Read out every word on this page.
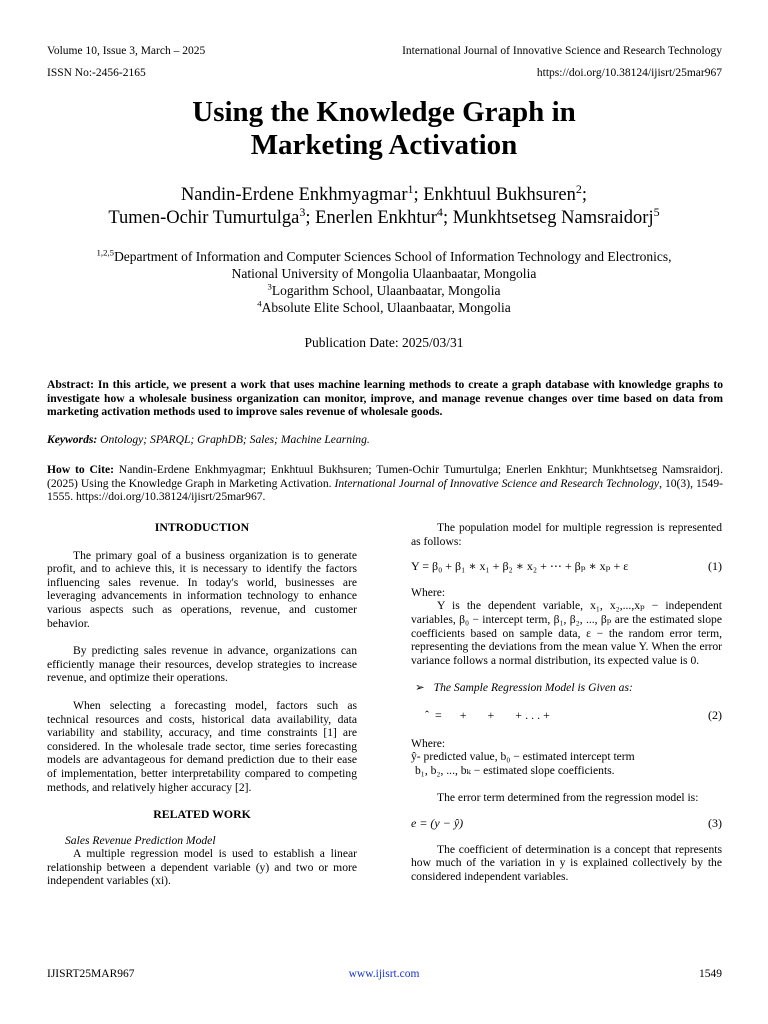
Volume 10, Issue 3, March – 2025
ISSN No:-2456-2165
International Journal of Innovative Science and Research Technology
https://doi.org/10.38124/ijisrt/25mar967
Using the Knowledge Graph in
Marketing Activation
Nandin-Erdene Enkhmyagmar$^1$; Enkhtuul Bukhsuren$^2$;
Tumen-Ochir Tumurtulga$^3$; Enerlen Enkhtur$^4$; Munkhtsetseg Namsraidorj$^5$
$^{1,2,5}$Department of Information and Computer Sciences School of Information Technology and Electronics,
National University of Mongolia Ulaanbaatar, Mongolia
$^3$Logarithm School, Ulaanbaatar, Mongolia
$^4$Absolute Elite School, Ulaanbaatar, Mongolia
Publication Date: 2025/03/31
Abstract: In this article, we present a work that uses machine learning methods to create a graph database with knowledge graphs to investigate how a wholesale business organization can monitor, improve, and manage revenue changes over time based on data from marketing activation methods used to improve sales revenue of wholesale goods.
Keywords: Ontology; SPARQL; GraphDB; Sales; Machine Learning.
How to Cite: Nandin-Erdene Enkhmyagmar; Enkhtuul Bukhsuren; Tumen-Ochir Tumurtulga; Enerlen Enkhtur; Munkhtsetseg Namsraidorj. (2025) Using the Knowledge Graph in Marketing Activation. International Journal of Innovative Science and Research Technology, 10(3), 1549-1555. https://doi.org/10.38124/ijisrt/25mar967.
INTRODUCTION

The primary goal of a business organization is to generate profit, and to achieve this, it is necessary to identify the factors influencing sales revenue. In today's world, businesses are leveraging advancements in information technology to enhance various aspects such as operations, revenue, and customer behavior.

By predicting sales revenue in advance, organizations can efficiently manage their resources, develop strategies to increase revenue, and optimize their operations.

When selecting a forecasting model, factors such as technical resources and costs, historical data availability, data variability and stability, accuracy, and time constraints [1] are considered. In the wholesale trade sector, time series forecasting models are advantageous for demand prediction due to their ease of implementation, better interpretability compared to competing methods, and relatively higher accuracy [2].

RELATED WORK
Sales Revenue Prediction Model

A multiple regression model is used to establish a linear relationship between a dependent variable (y) and two or more independent variables (xi).

The population model for multiple regression is represented as follows:

Y = β₀ + β₁ ∗ x₁ + β₂ ∗ x₂ + ⋯ + βₚ ∗ xₚ + ε	(1)

Where:

Y is the dependent variable, x₁, x₂,...,xₚ − independent variables, β₀ − intercept term, β₁, β₂, ..., βₚ are the estimated slope coefficients based on sample data, ε − the random error term, representing the deviations from the mean value Y. When the error variance follows a normal distribution, its expected value is 0.

➢ The Sample Regression Model is Given as:
ˆ  =      +       +       + . . . +	(2)

Where:

ŷ- predicted value, b₀ − estimated intercept term

b₁, b₂, ..., bₖ − estimated slope coefficients.

The error term determined from the regression model is:

e = (y − ŷ)	(3)

The coefficient of determination is a concept that represents how much of the variation in y is explained collectively by the considered independent variables.

IJISRT25MAR967	www.ijisrt.com	1549
